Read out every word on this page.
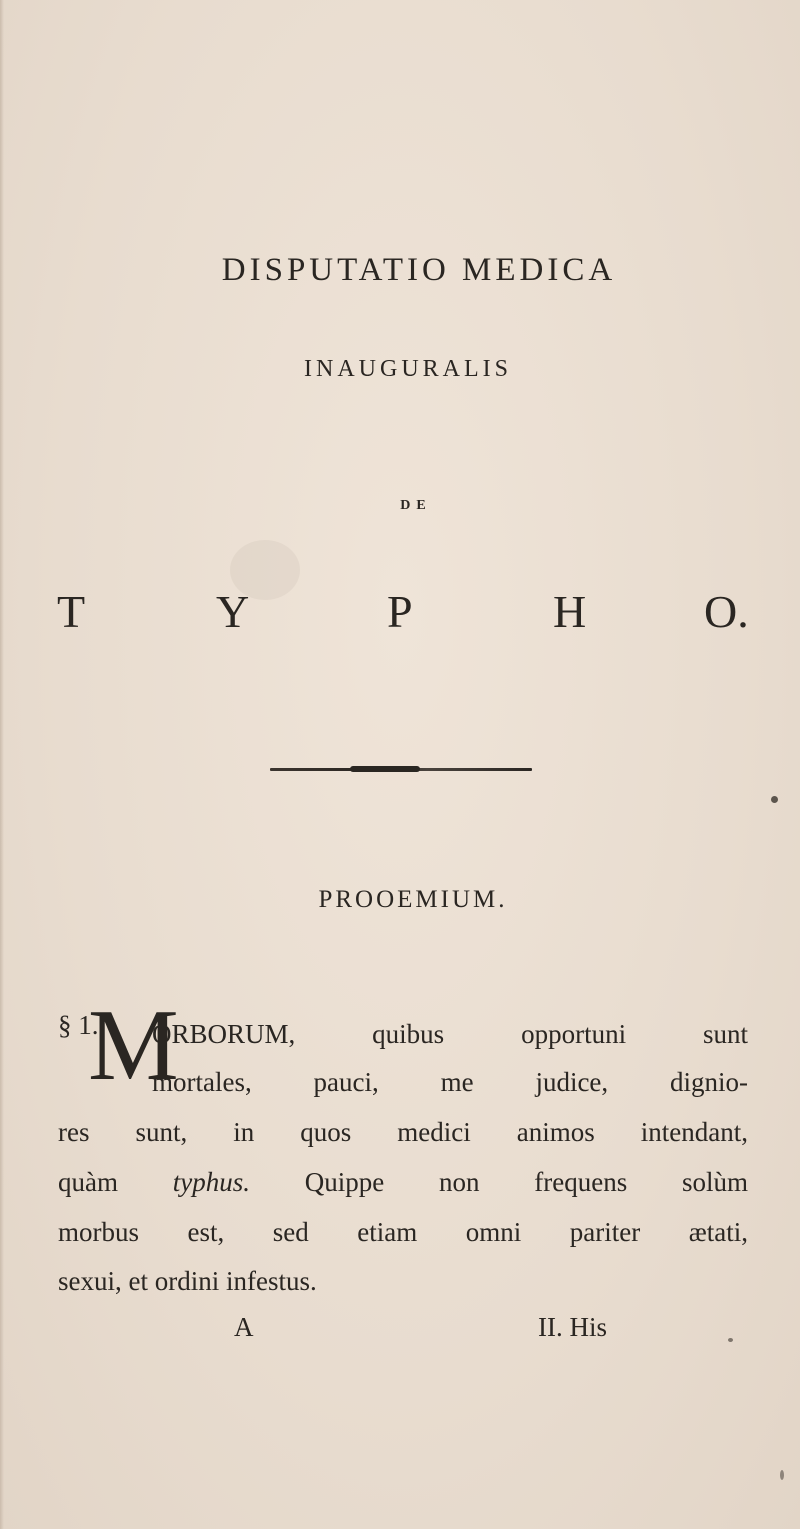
DISPUTATIO MEDICA
INAUGURALIS
DE
T	Y	P	H	O.
PROOEMIUM.
§ 1.
M
ORBORUM, quibus opportuni sunt
mortales, pauci, me judice, dignio-
res sunt, in quos medici animos intendant,
quàm typhus. Quippe non frequens solùm
morbus est, sed etiam omni pariter ætati,
sexui, et ordini infestus.
A	II. His
